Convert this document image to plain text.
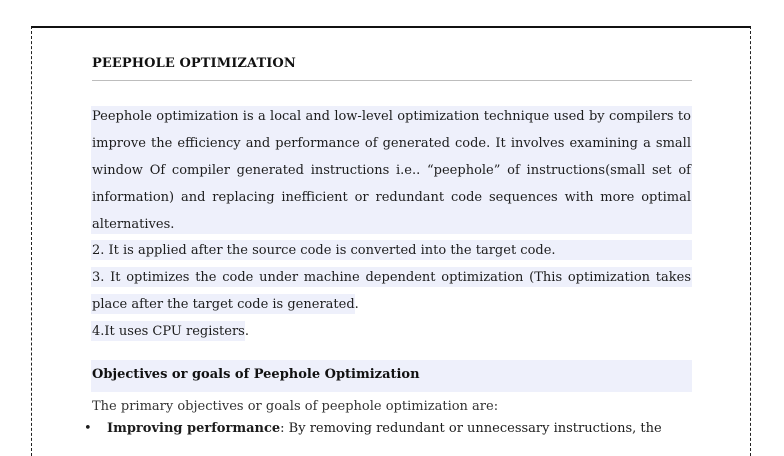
PEEPHOLE OPTIMIZATION
Peephole optimization is a local and low-level optimization technique used by compilers to
improve the efficiency and performance of generated code. It involves examining a small
window Of compiler generated instructions i.e.. “peephole” of instructions(small set of
information) and replacing inefficient or redundant code sequences with more optimal
alternatives.
2. It is applied after the source code is converted into the target code.
3. It optimizes the code under machine dependent optimization (This optimization takes
place after the target code is generated.
4.It uses CPU registers.
Objectives or goals of Peephole Optimization
The primary objectives or goals of peephole optimization are:
• Improving performance: By removing redundant or unnecessary instructions, the
